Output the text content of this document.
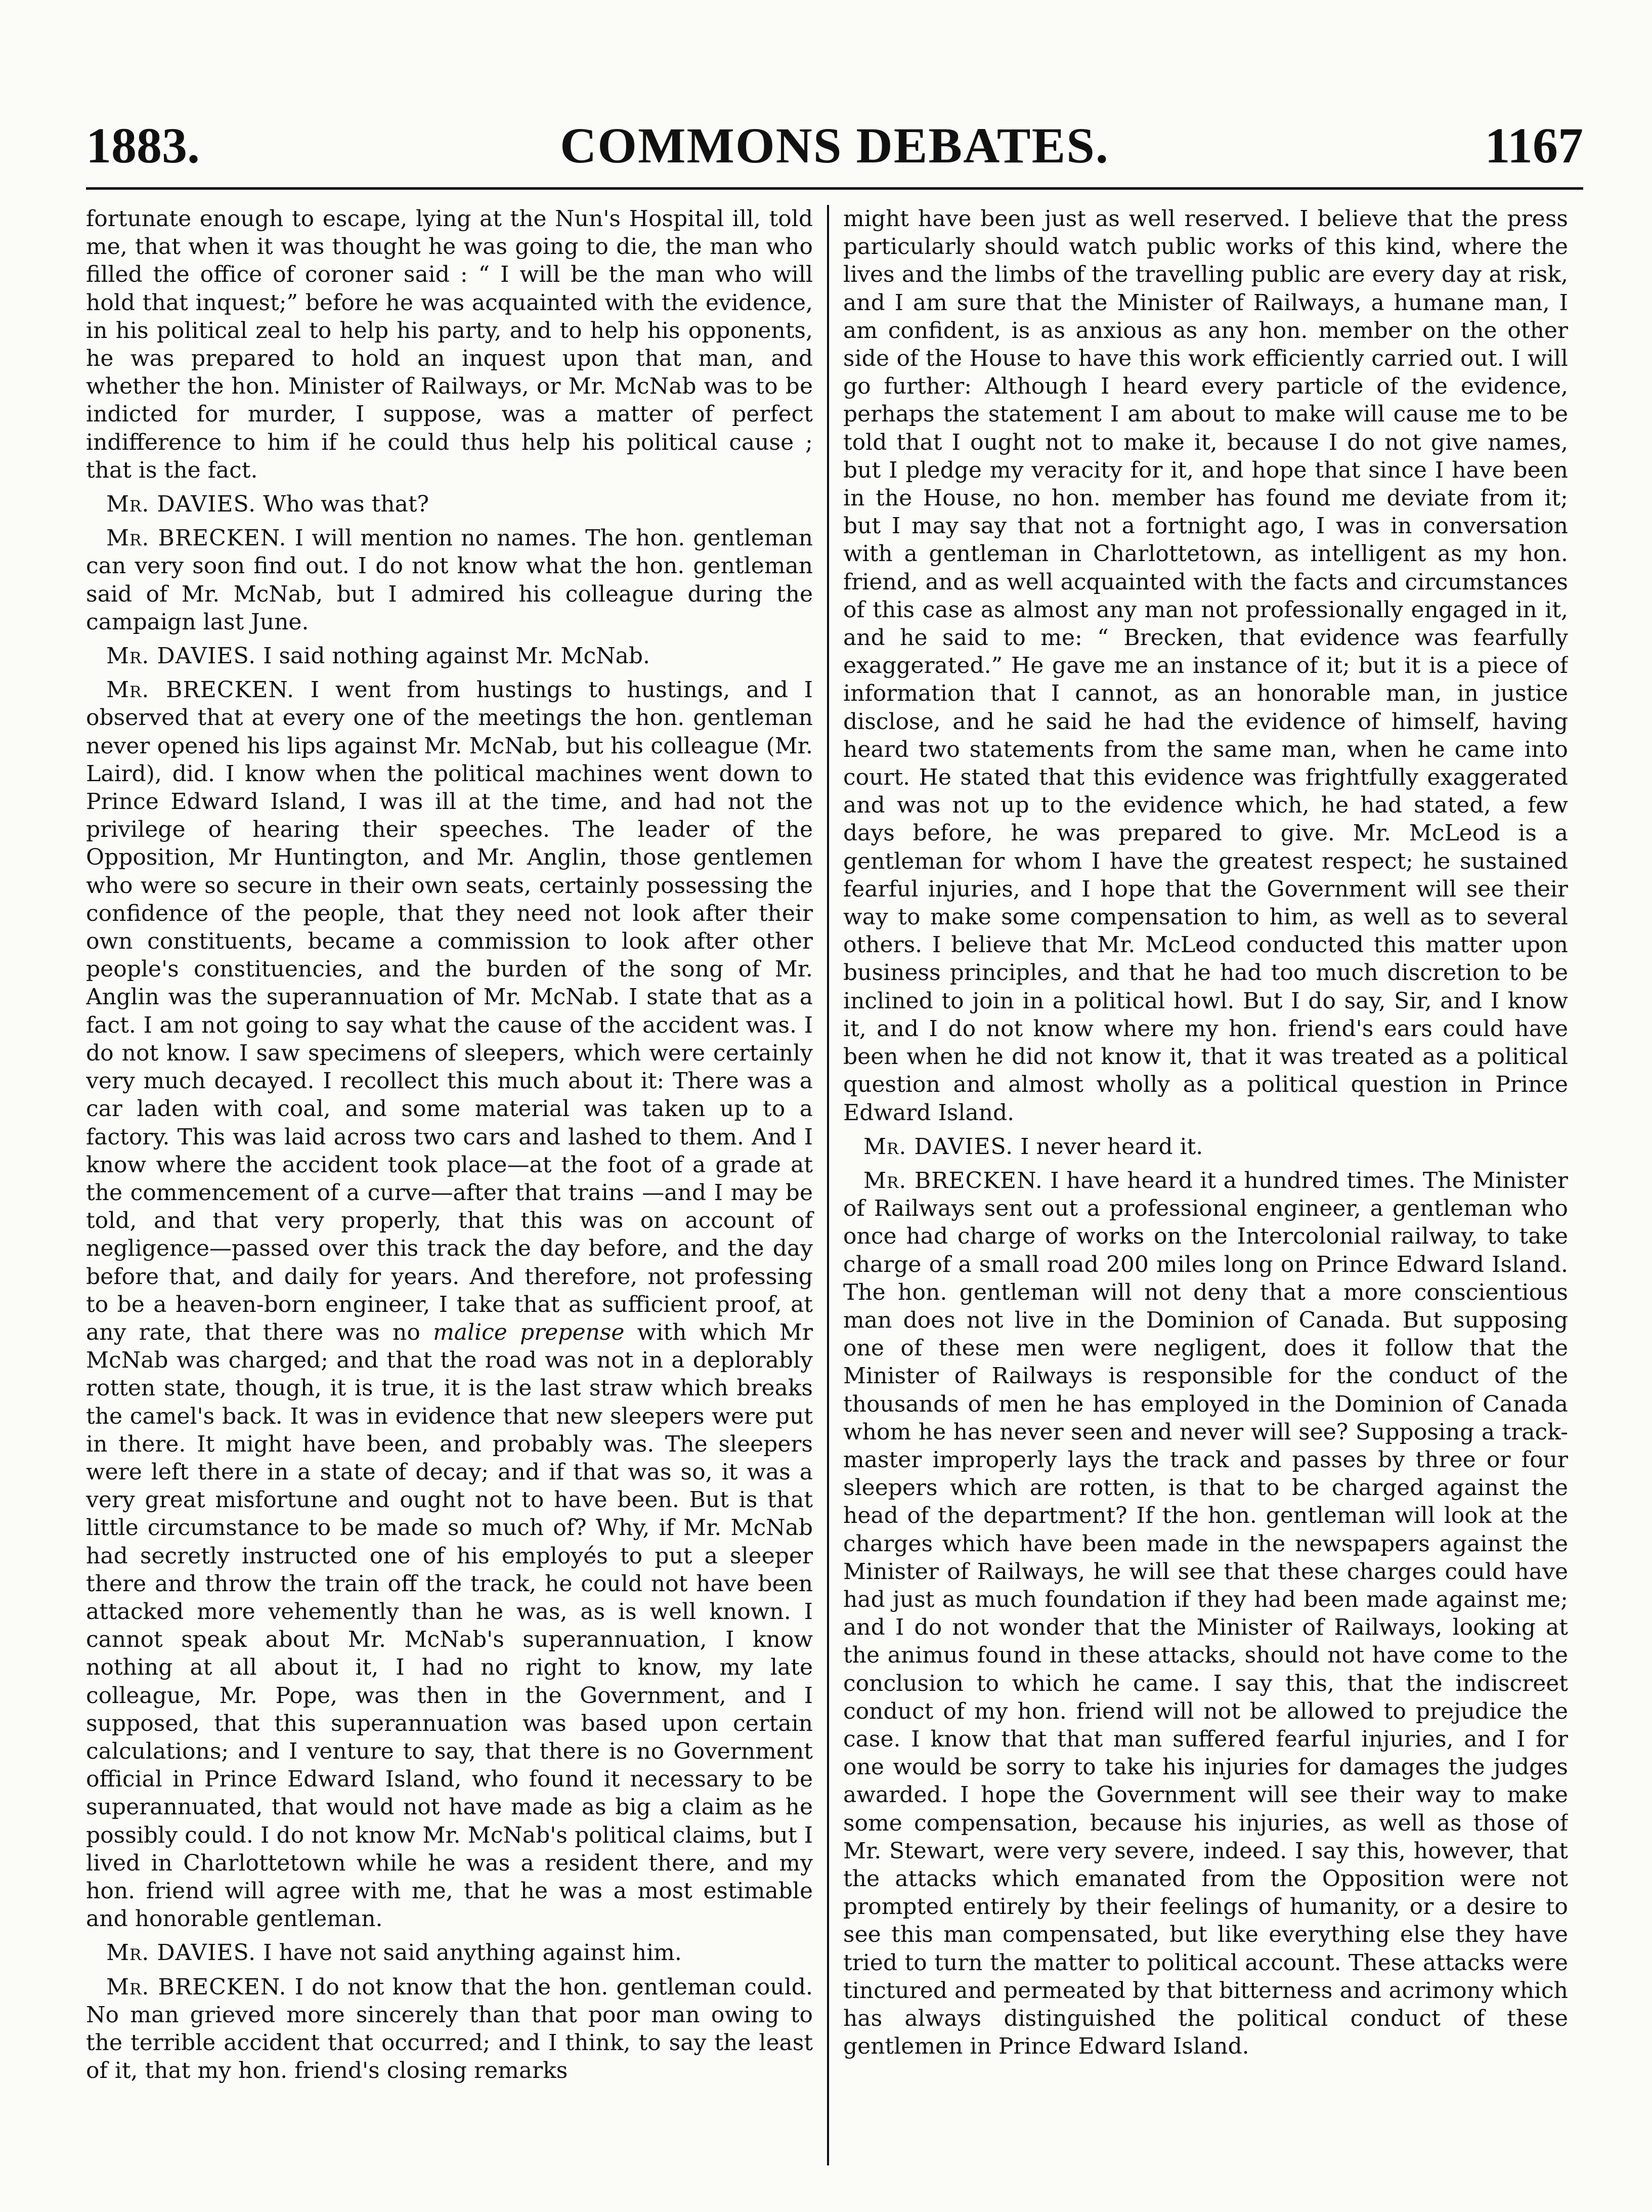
1883.	COMMONS DEBATES.	1167

fortunate enough to escape, lying at the Nun's Hospital ill, told me, that when it was thought he was going to die, the man who filled the office of coroner said : “ I will be the man who will hold that inquest;” before he was acquainted with the evidence, in his political zeal to help his party, and to help his opponents, he was prepared to hold an inquest upon that man, and whether the hon. Minister of Railways, or Mr. McNab was to be indicted for murder, I suppose, was a matter of perfect indifference to him if he could thus help his political cause ; that is the fact.

Mr. DAVIES. Who was that?

Mr. BRECKEN. I will mention no names. The hon. gentleman can very soon find out. I do not know what the hon. gentleman said of Mr. McNab, but I admired his colleague during the campaign last June.

Mr. DAVIES. I said nothing against Mr. McNab.

Mr. BRECKEN. I went from hustings to hustings, and I observed that at every one of the meetings the hon. gentleman never opened his lips against Mr. McNab, but his colleague (Mr. Laird), did. I know when the political machines went down to Prince Edward Island, I was ill at the time, and had not the privilege of hearing their speeches. The leader of the Opposition, Mr Huntington, and Mr. Anglin, those gentlemen who were so secure in their own seats, certainly possessing the confidence of the people, that they need not look after their own constituents, became a commission to look after other people's constituencies, and the burden of the song of Mr. Anglin was the superannuation of Mr. McNab. I state that as a fact. I am not going to say what the cause of the accident was. I do not know. I saw specimens of sleepers, which were certainly very much decayed. I recollect this much about it: There was a car laden with coal, and some material was taken up to a factory. This was laid across two cars and lashed to them. And I know where the accident took place—at the foot of a grade at the commencement of a curve—after that trains —and I may be told, and that very properly, that this was on account of negligence—passed over this track the day before, and the day before that, and daily for years. And therefore, not professing to be a heaven-born engineer, I take that as sufficient proof, at any rate, that there was no malice prepense with which Mr McNab was charged; and that the road was not in a deplorably rotten state, though, it is true, it is the last straw which breaks the camel's back. It was in evidence that new sleepers were put in there. It might have been, and probably was. The sleepers were left there in a state of decay; and if that was so, it was a very great misfortune and ought not to have been. But is that little circumstance to be made so much of? Why, if Mr. McNab had secretly instructed one of his employés to put a sleeper there and throw the train off the track, he could not have been attacked more vehemently than he was, as is well known. I cannot speak about Mr. McNab's superannuation, I know nothing at all about it, I had no right to know, my late colleague, Mr. Pope, was then in the Government, and I supposed, that this superannuation was based upon certain calculations; and I venture to say, that there is no Government official in Prince Edward Island, who found it necessary to be superannuated, that would not have made as big a claim as he possibly could. I do not know Mr. McNab's political claims, but I lived in Charlottetown while he was a resident there, and my hon. friend will agree with me, that he was a most estimable and honorable gentleman.

Mr. DAVIES. I have not said anything against him.

Mr. BRECKEN. I do not know that the hon. gentleman could. No man grieved more sincerely than that poor man owing to the terrible accident that occurred; and I think, to say the least of it, that my hon. friend's closing remarks

might have been just as well reserved. I believe that the press particularly should watch public works of this kind, where the lives and the limbs of the travelling public are every day at risk, and I am sure that the Minister of Railways, a humane man, I am confident, is as anxious as any hon. member on the other side of the House to have this work efficiently carried out. I will go further: Although I heard every particle of the evidence, perhaps the statement I am about to make will cause me to be told that I ought not to make it, because I do not give names, but I pledge my veracity for it, and hope that since I have been in the House, no hon. member has found me deviate from it; but I may say that not a fortnight ago, I was in conversation with a gentleman in Charlottetown, as intelligent as my hon. friend, and as well acquainted with the facts and circumstances of this case as almost any man not professionally engaged in it, and he said to me: “ Brecken, that evidence was fearfully exaggerated.” He gave me an instance of it; but it is a piece of information that I cannot, as an honorable man, in justice disclose, and he said he had the evidence of himself, having heard two statements from the same man, when he came into court. He stated that this evidence was frightfully exaggerated and was not up to the evidence which, he had stated, a few days before, he was prepared to give. Mr. McLeod is a gentleman for whom I have the greatest respect; he sustained fearful injuries, and I hope that the Government will see their way to make some compensation to him, as well as to several others. I believe that Mr. McLeod conducted this matter upon business principles, and that he had too much discretion to be inclined to join in a political howl. But I do say, Sir, and I know it, and I do not know where my hon. friend's ears could have been when he did not know it, that it was treated as a political question and almost wholly as a political question in Prince Edward Island.

Mr. DAVIES. I never heard it.

Mr. BRECKEN. I have heard it a hundred times. The Minister of Railways sent out a professional engineer, a gentleman who once had charge of works on the Intercolonial railway, to take charge of a small road 200 miles long on Prince Edward Island. The hon. gentleman will not deny that a more conscientious man does not live in the Dominion of Canada. But supposing one of these men were negligent, does it follow that the Minister of Railways is responsible for the conduct of the thousands of men he has employed in the Dominion of Canada whom he has never seen and never will see? Supposing a track-master improperly lays the track and passes by three or four sleepers which are rotten, is that to be charged against the head of the department? If the hon. gentleman will look at the charges which have been made in the newspapers against the Minister of Railways, he will see that these charges could have had just as much foundation if they had been made against me; and I do not wonder that the Minister of Railways, looking at the animus found in these attacks, should not have come to the conclusion to which he came. I say this, that the indiscreet conduct of my hon. friend will not be allowed to prejudice the case. I know that that man suffered fearful injuries, and I for one would be sorry to take his injuries for damages the judges awarded. I hope the Government will see their way to make some compensation, because his injuries, as well as those of Mr. Stewart, were very severe, indeed. I say this, however, that the attacks which emanated from the Opposition were not prompted entirely by their feelings of humanity, or a desire to see this man compensated, but like everything else they have tried to turn the matter to political account. These attacks were tinctured and permeated by that bitterness and acrimony which has always distinguished the political conduct of these gentlemen in Prince Edward Island.
